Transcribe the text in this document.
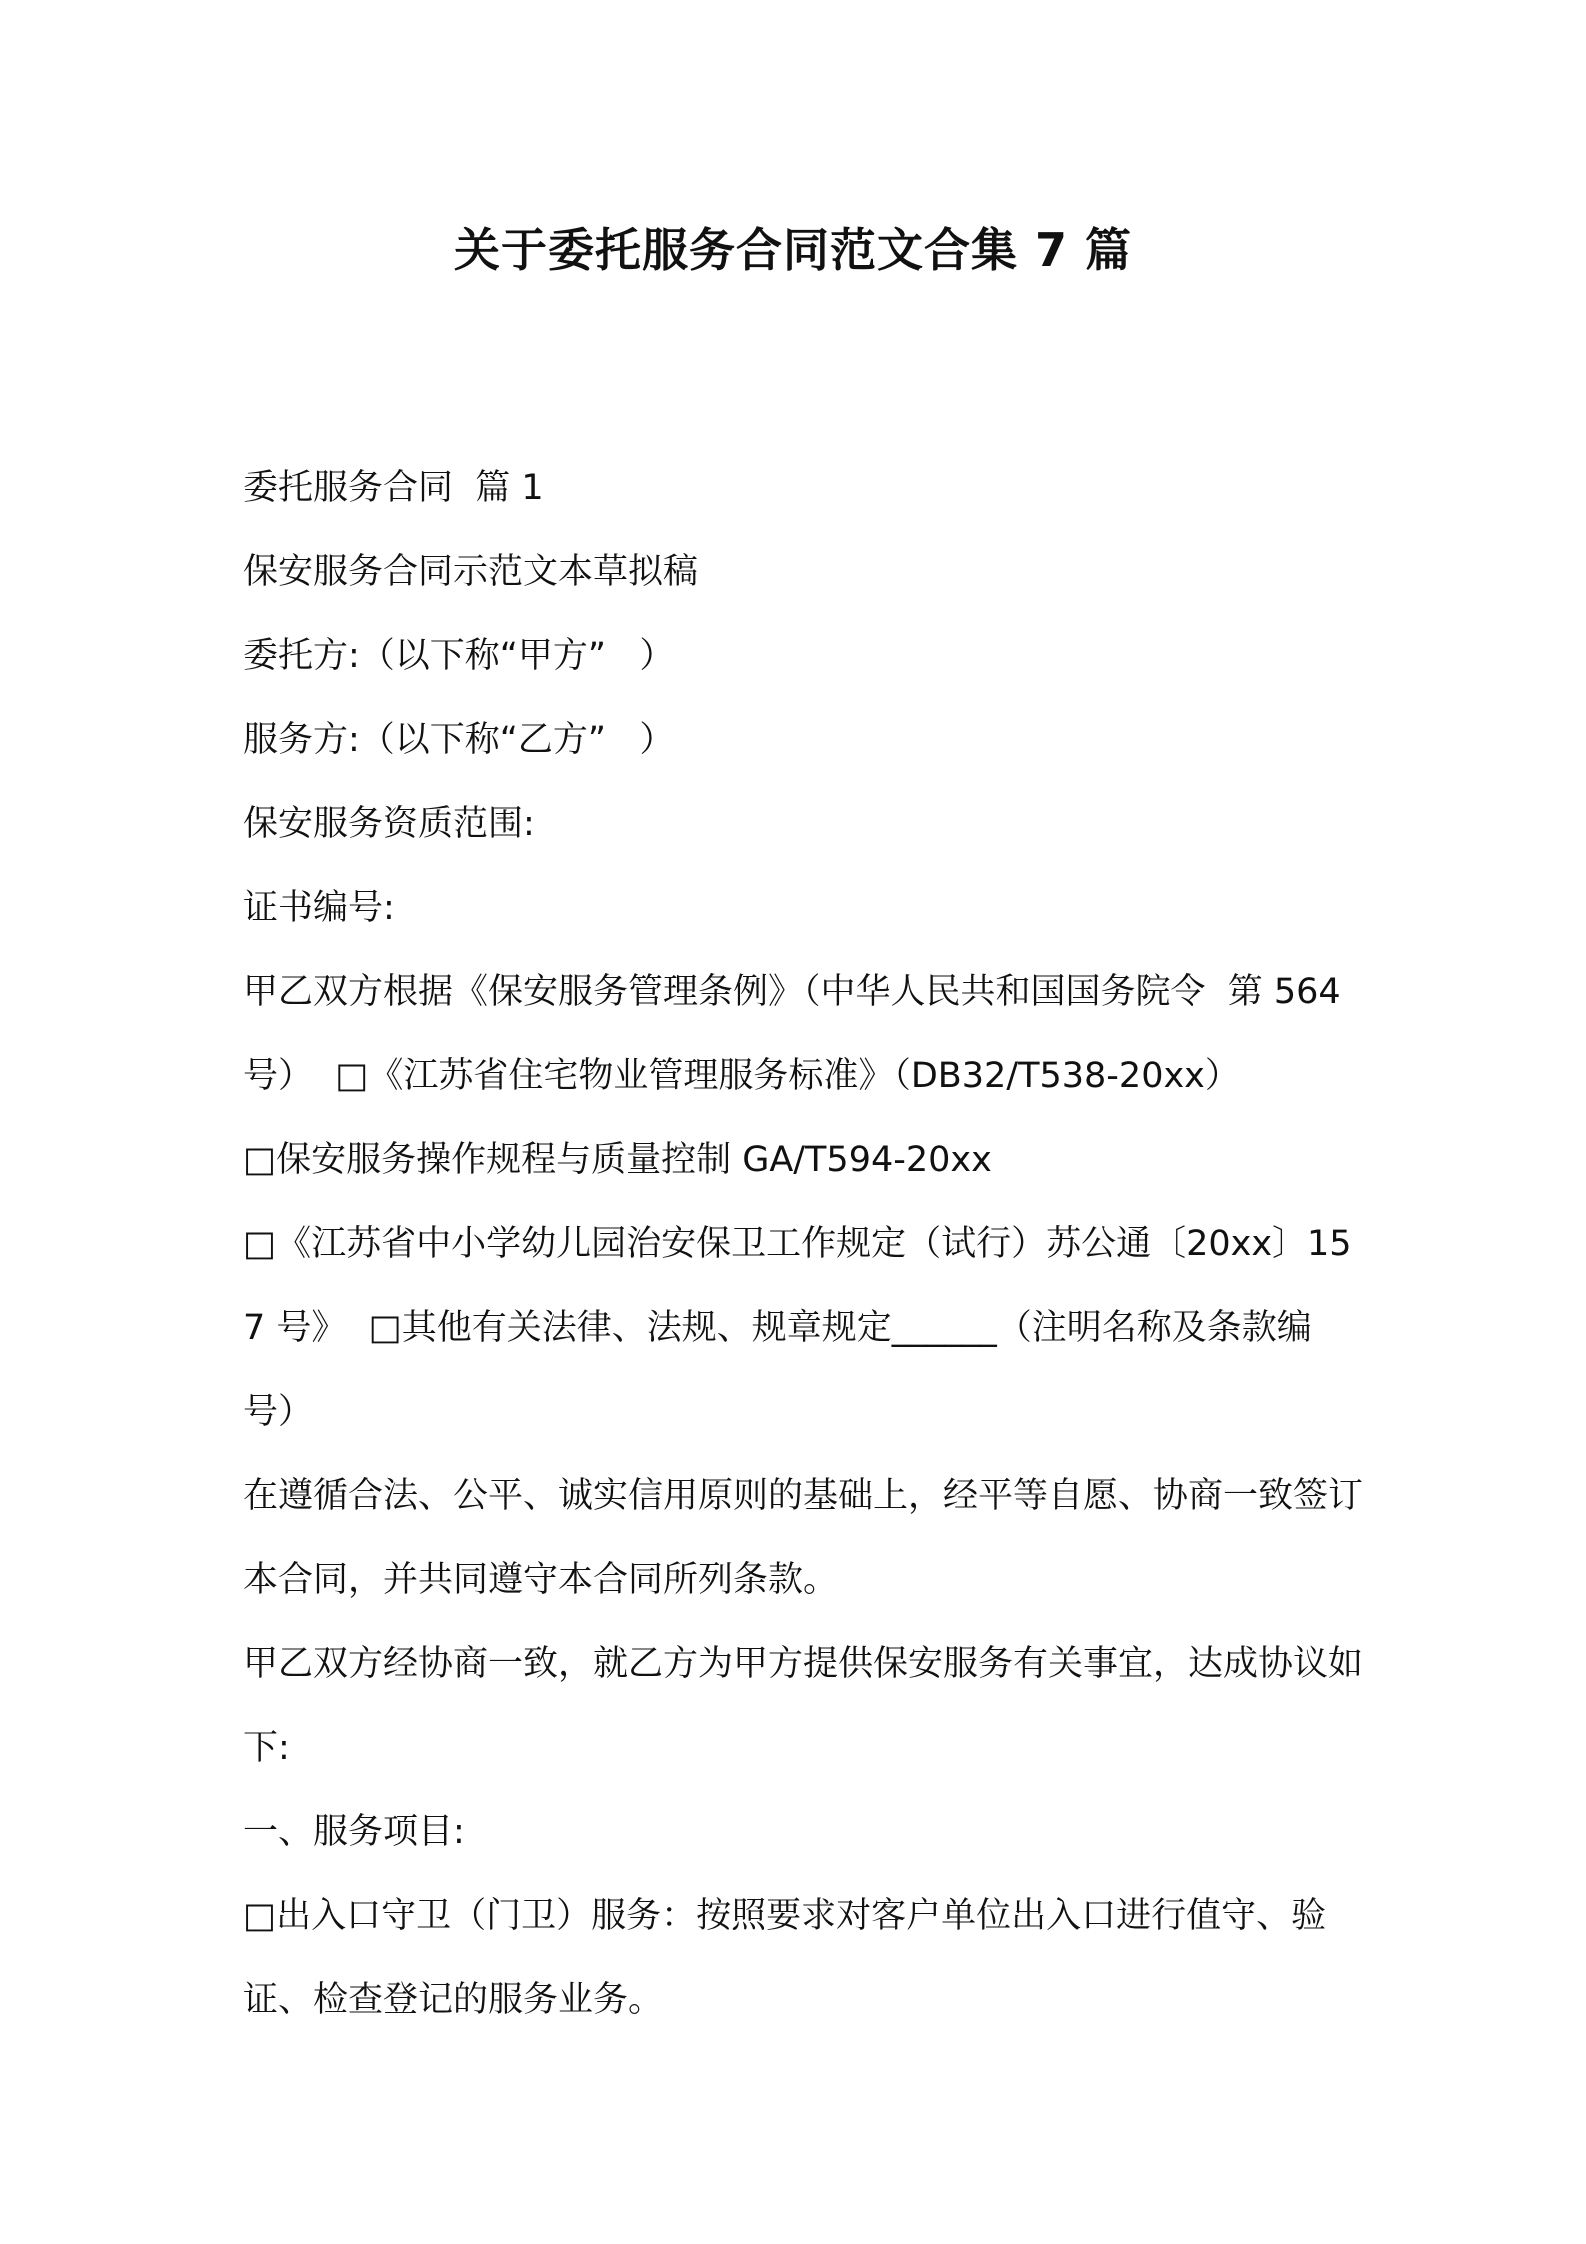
关于委托服务合同范文合集 7 篇

委托服务合同  篇 1

保安服务合同示范文本草拟稿

委托方:（以下称“甲方”   ）

服务方:（以下称“乙方”   ）

保安服务资质范围:

证书编号:

甲乙双方根据《保安服务管理条例》（中华人民共和国国务院令  第 564 号）  □《江苏省住宅物业管理服务标准》（DB32/T538-20xx）

□保安服务操作规程与质量控制 GA/T594-20xx

□《江苏省中小学幼儿园治安保卫工作规定（试行）苏公通〔20xx〕157 号》  □其他有关法律、法规、规章规定______（注明名称及条款编号）

在遵循合法、公平、诚实信用原则的基础上，经平等自愿、协商一致签订本合同，并共同遵守本合同所列条款。

甲乙双方经协商一致，就乙方为甲方提供保安服务有关事宜，达成协议如下:

一、服务项目:

□出入口守卫（门卫）服务：按照要求对客户单位出入口进行值守、验证、检查登记的服务业务。
